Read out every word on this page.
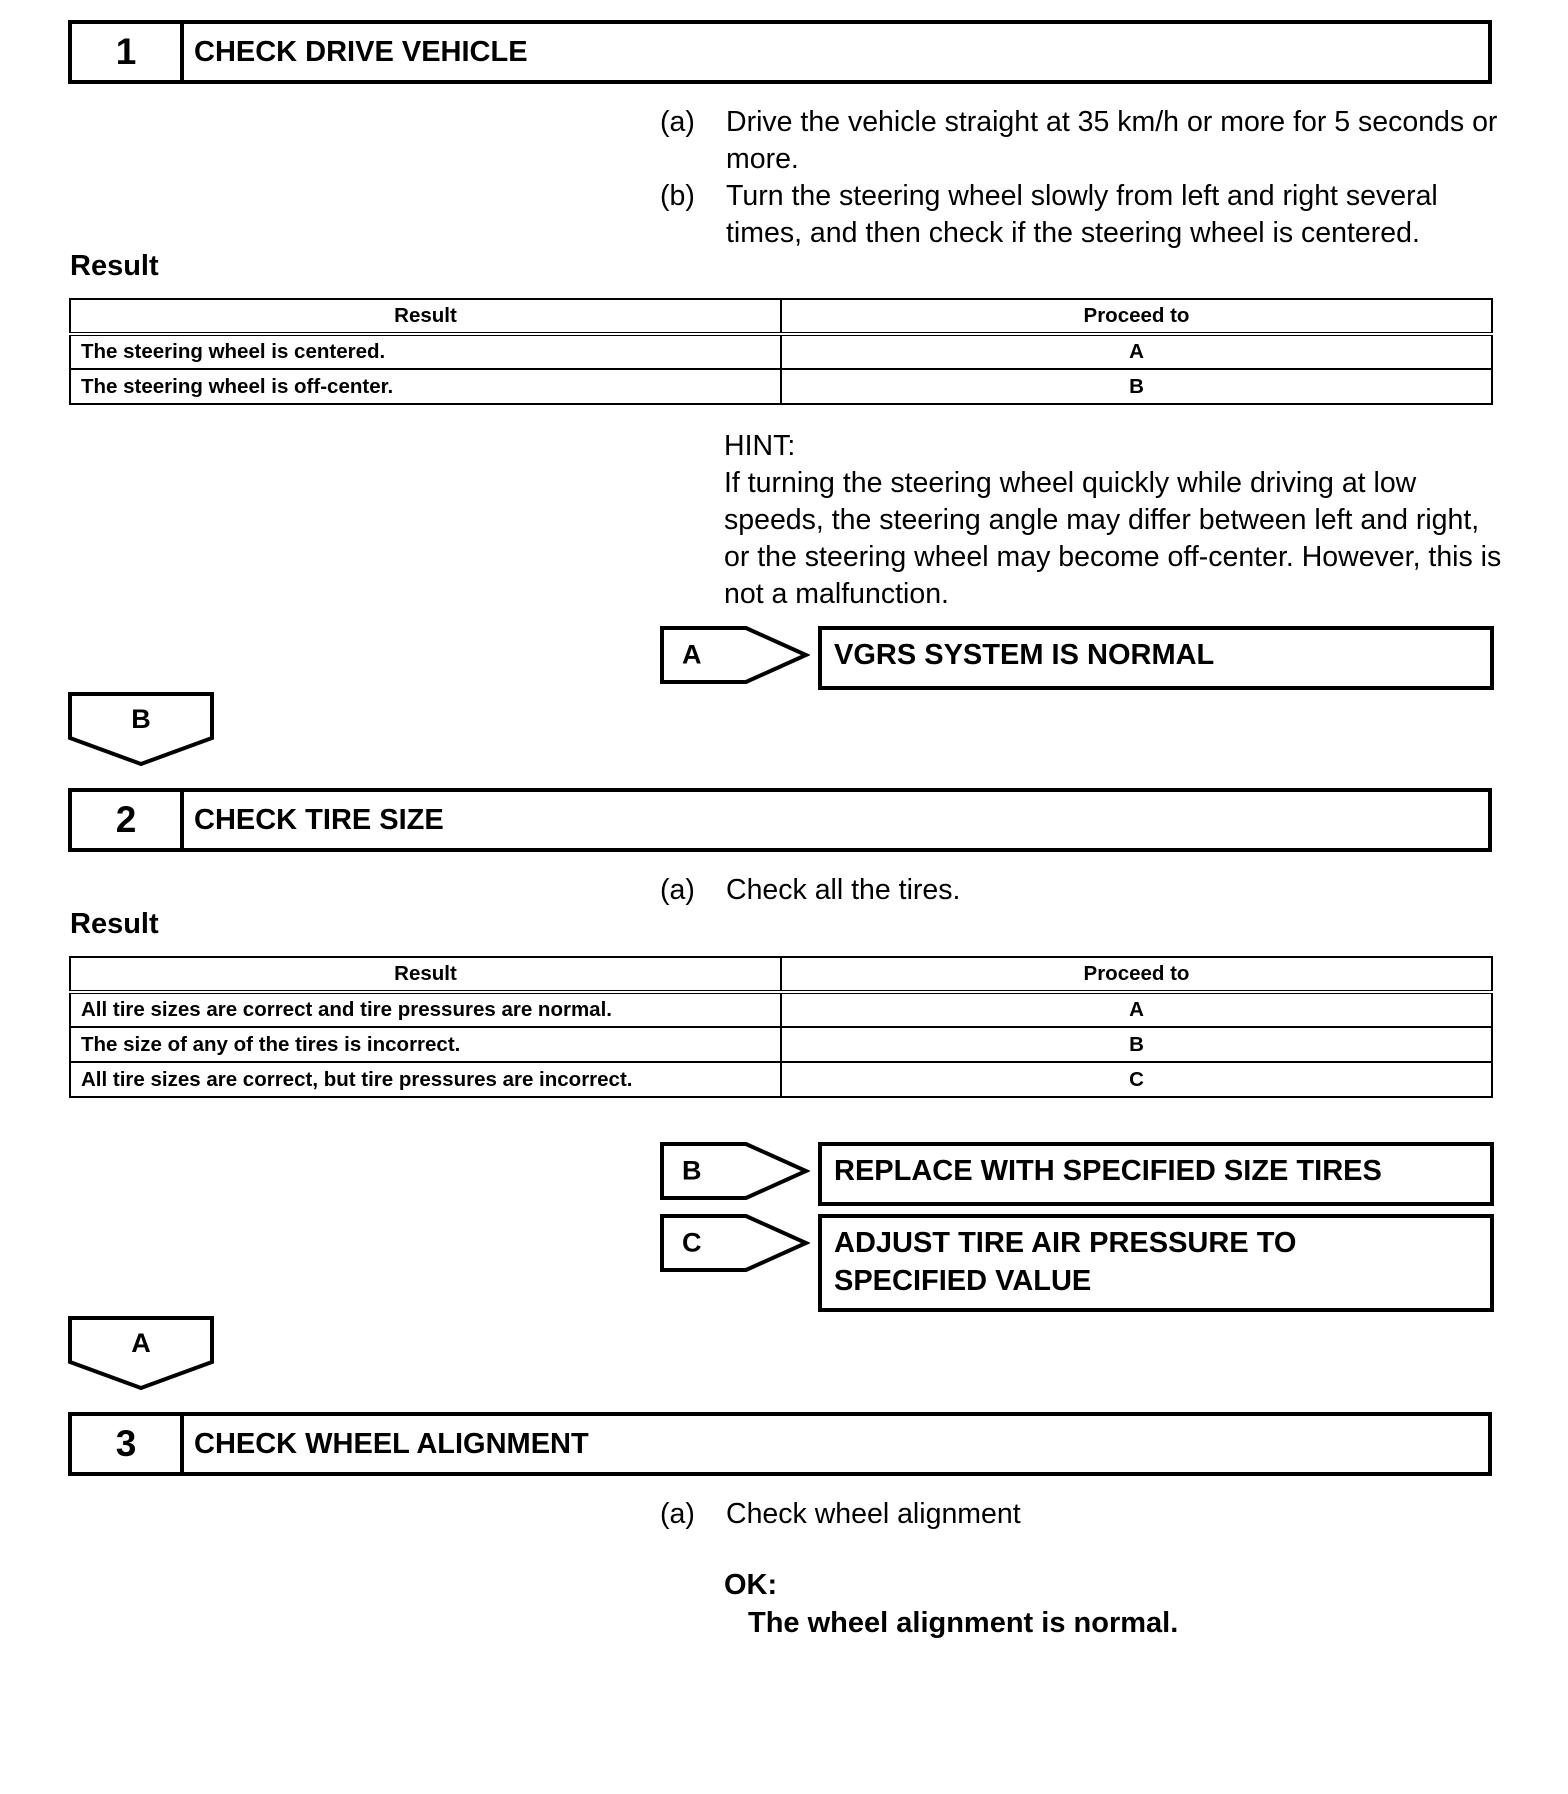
1	CHECK DRIVE VEHICLE
(a)	Drive the vehicle straight at 35 km/h or more for 5 seconds or more.
(b)	Turn the steering wheel slowly from left and right several times, and then check if the steering wheel is centered.
Result
Result	Proceed to
The steering wheel is centered.	A
The steering wheel is off-center.	B
HINT:
If turning the steering wheel quickly while driving at low speeds, the steering angle may differ between left and right, or the steering wheel may become off-center. However, this is not a malfunction.
A	VGRS SYSTEM IS NORMAL
B
2	CHECK TIRE SIZE
(a)	Check all the tires.
Result
Result	Proceed to
All tire sizes are correct and tire pressures are normal.	A
The size of any of the tires is incorrect.	B
All tire sizes are correct, but tire pressures are incorrect.	C
B	REPLACE WITH SPECIFIED SIZE TIRES
C	ADJUST TIRE AIR PRESSURE TO SPECIFIED VALUE
A
3	CHECK WHEEL ALIGNMENT
(a)	Check wheel alignment
OK:
The wheel alignment is normal.
